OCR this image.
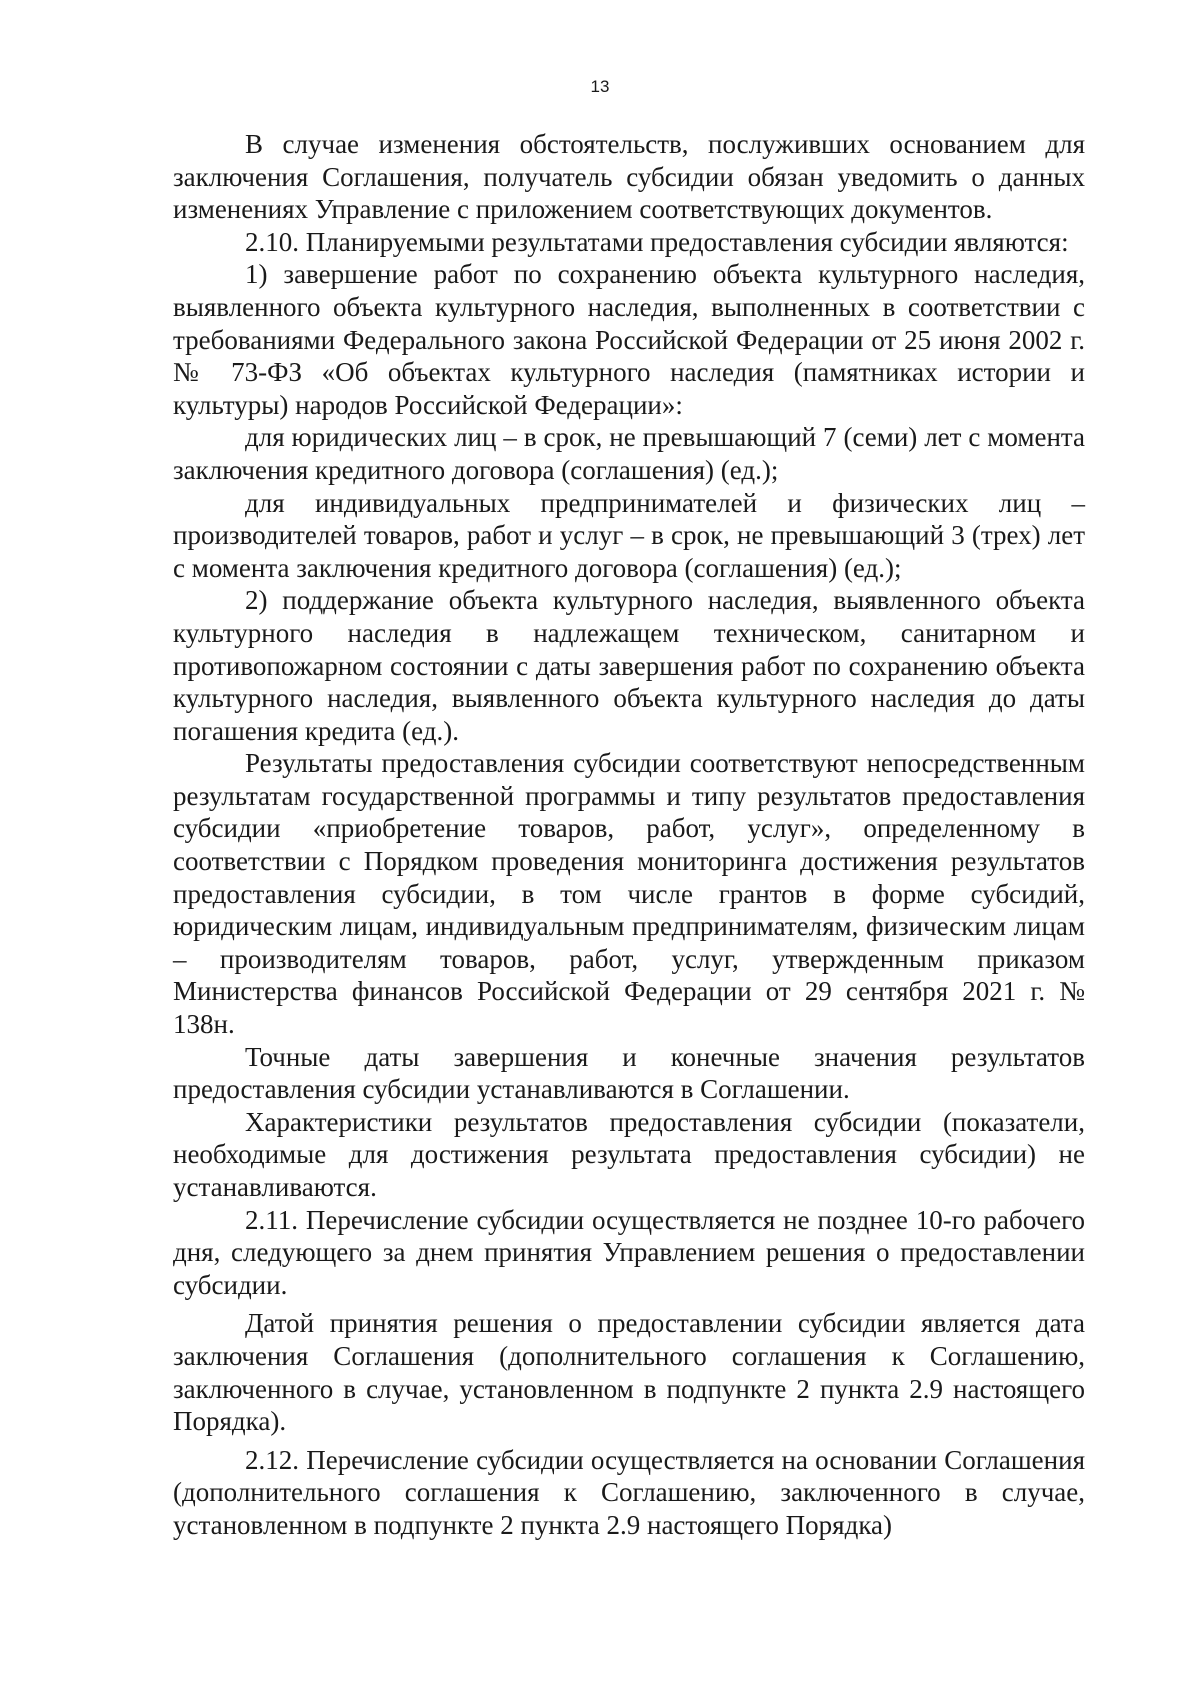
13

В случае изменения обстоятельств, послуживших основанием для заключения Соглашения, получатель субсидии обязан уведомить о данных изменениях Управление с приложением соответствующих документов.

2.10. Планируемыми результатами предоставления субсидии являются:

1) завершение работ по сохранению объекта культурного наследия, выявленного объекта культурного наследия, выполненных в соответствии с требованиями Федерального закона Российской Федерации от 25 июня 2002 г. № 73-ФЗ «Об объектах культурного наследия (памятниках истории и культуры) народов Российской Федерации»:

для юридических лиц – в срок, не превышающий 7 (семи) лет с момента заключения кредитного договора (соглашения) (ед.);

для индивидуальных предпринимателей и физических лиц – производителей товаров, работ и услуг – в срок, не превышающий 3 (трех) лет с момента заключения кредитного договора (соглашения) (ед.);

2) поддержание объекта культурного наследия, выявленного объекта культурного наследия в надлежащем техническом, санитарном и противопожарном состоянии с даты завершения работ по сохранению объекта культурного наследия, выявленного объекта культурного наследия до даты погашения кредита (ед.).

Результаты предоставления субсидии соответствуют непосредственным результатам государственной программы и типу результатов предоставления субсидии «приобретение товаров, работ, услуг», определенному в соответствии с Порядком проведения мониторинга достижения результатов предоставления субсидии, в том числе грантов в форме субсидий, юридическим лицам, индивидуальным предпринимателям, физическим лицам – производителям товаров, работ, услуг, утвержденным приказом Министерства финансов Российской Федерации от 29 сентября 2021 г. № 138н.

Точные даты завершения и конечные значения результатов предоставления субсидии устанавливаются в Соглашении.

Характеристики результатов предоставления субсидии (показатели, необходимые для достижения результата предоставления субсидии) не устанавливаются.

2.11. Перечисление субсидии осуществляется не позднее 10-го рабочего дня, следующего за днем принятия Управлением решения о предоставлении субсидии.

Датой принятия решения о предоставлении субсидии является дата заключения Соглашения (дополнительного соглашения к Соглашению, заключенного в случае, установленном в подпункте 2 пункта 2.9 настоящего Порядка).

2.12. Перечисление субсидии осуществляется на основании Соглашения (дополнительного соглашения к Соглашению, заключенного в случае, установленном в подпункте 2 пункта 2.9 настоящего Порядка)
